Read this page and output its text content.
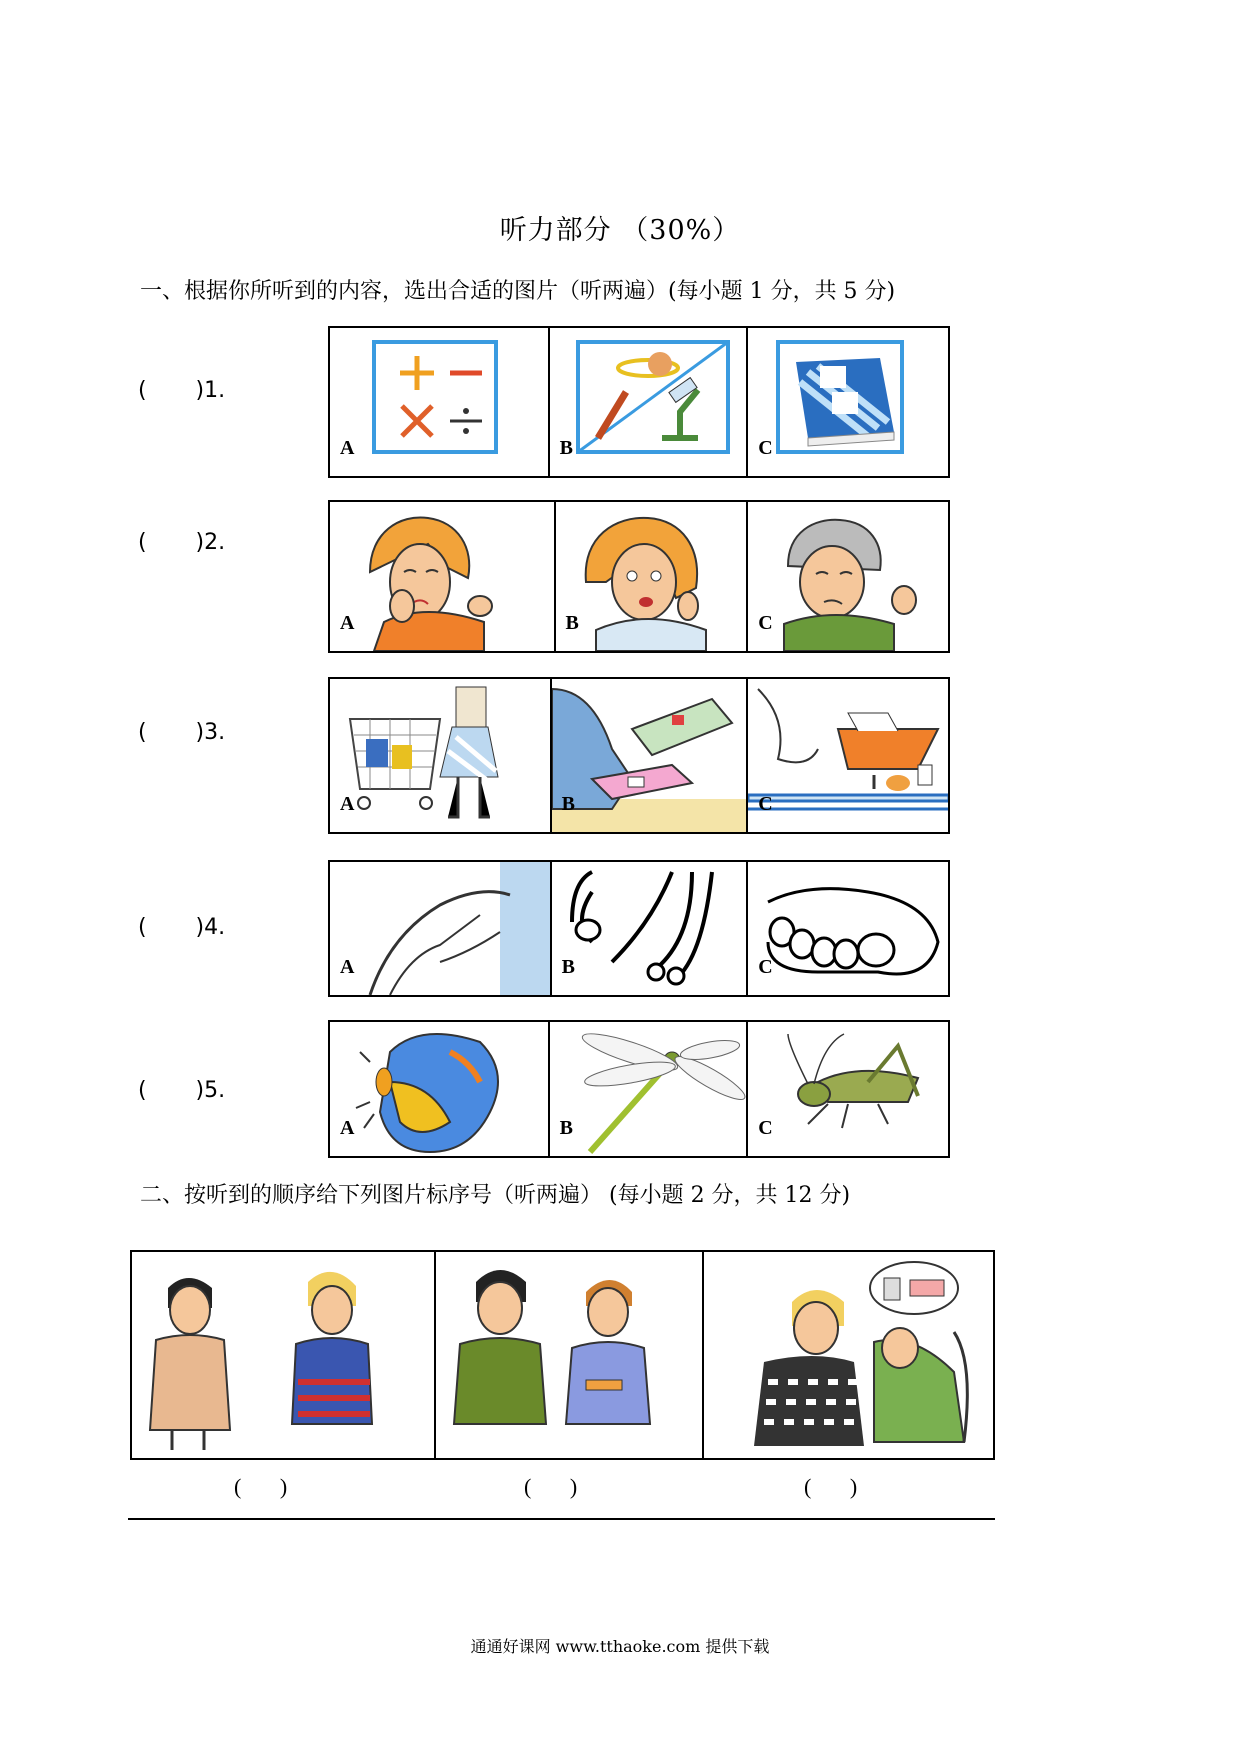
听力部分 （30%）
一、根据你所听到的内容，选出合适的图片（听两遍）(每小题 1 分，共 5 分)
(       )1.
(       )2.
(       )3.
(       )4.
(       )5.
A	B	C
A	B	C
A	B	C
A	B	C
A	B	C
二、按听到的顺序给下列图片标序号（听两遍） (每小题 2 分，共 12 分)
(       )	(       )	(       )
通通好课网 www.tthaoke.com 提供下载
